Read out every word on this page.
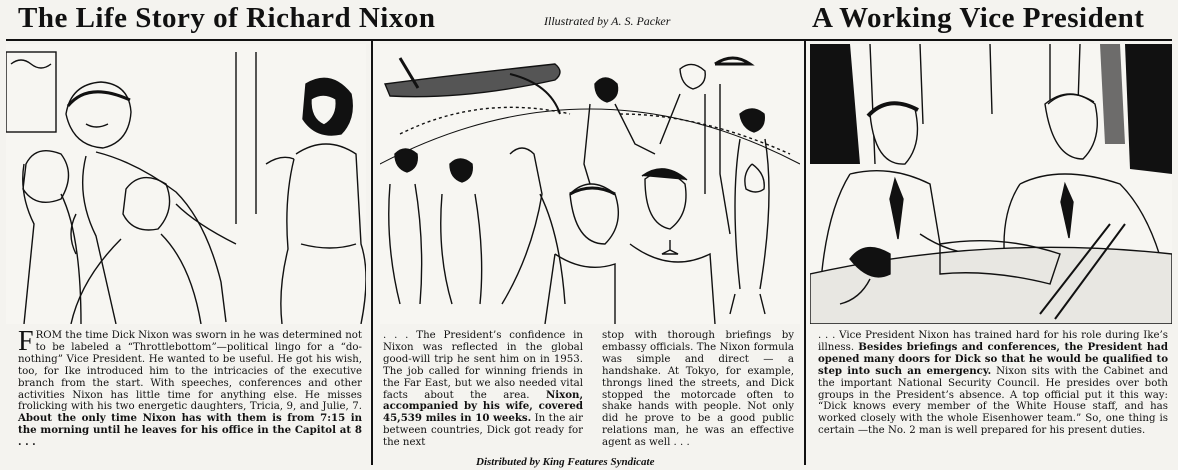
The Life Story of Richard Nixon	Illustrated by A. S. Packer	A Working Vice President
FROM the time Dick Nixon was sworn in he was determined not to be labeled a “Throttlebottom”—political lingo for a “do-nothing” Vice President. He wanted to be useful. He got his wish, too, for Ike introduced him to the intricacies of the executive branch from the start. With speeches, conferences and other activities Nixon has little time for anything else. He misses frolicking with his two energetic daughters, Tricia, 9, and Julie, 7. About the only time Nixon has with them is from 7:15 in the morning until he leaves for his office in the Capitol at 8 . . .
. . . The President’s confidence in Nixon was reflected in the global good-will trip he sent him on in 1953. The job called for winning friends in the Far East, but we also needed vital facts about the area. Nixon, accompanied by his wife, covered 45,539 miles in 10 weeks. In the air between countries, Dick got ready for the next
stop with thorough briefings by embassy officials. The Nixon formula was simple and direct — a handshake. At Tokyo, for example, throngs lined the streets, and Dick stopped the motorcade often to shake hands with people. Not only did he prove to be a good public relations man, he was an effective agent as well . . .
. . . Vice President Nixon has trained hard for his role during Ike’s illness. Besides briefings and conferences, the President had opened many doors for Dick so that he would be qualified to step into such an emergency. Nixon sits with the Cabinet and the important National Security Council. He presides over both groups in the President’s absence. A top official put it this way: “Dick knows every member of the White House staff, and has worked closely with the whole Eisenhower team.” So, one thing is certain —the No. 2 man is well prepared for his present duties.
Distributed by King Features Syndicate
